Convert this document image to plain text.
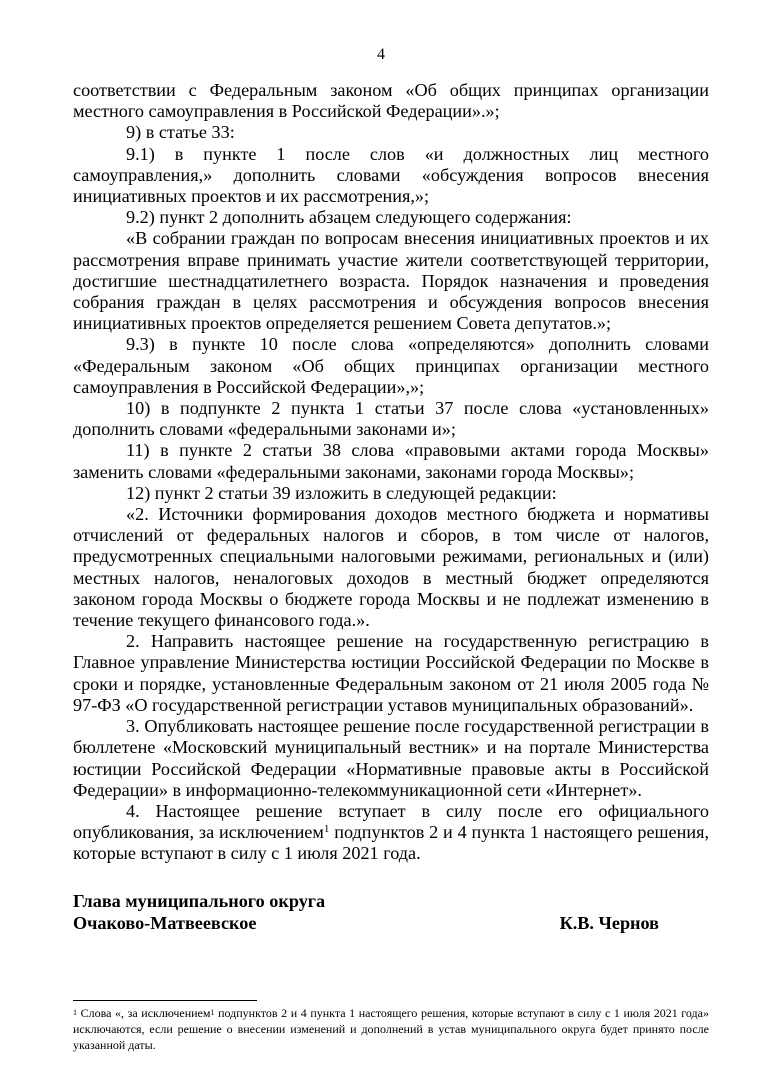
4

соответствии с Федеральным законом «Об общих принципах организации местного самоуправления в Российской Федерации».»;

9) в статье 33:

9.1) в пункте 1 после слов «и должностных лиц местного самоуправления,» дополнить словами «обсуждения вопросов внесения инициативных проектов и их рассмотрения,»;

9.2) пункт 2 дополнить абзацем следующего содержания:

«В собрании граждан по вопросам внесения инициативных проектов и их рассмотрения вправе принимать участие жители соответствующей территории, достигшие шестнадцатилетнего возраста. Порядок назначения и проведения собрания граждан в целях рассмотрения и обсуждения вопросов внесения инициативных проектов определяется решением Совета депутатов.»;

9.3) в пункте 10 после слова «определяются» дополнить словами «Федеральным законом «Об общих принципах организации местного самоуправления в Российской Федерации»,»;

10) в подпункте 2 пункта 1 статьи 37 после слова «установленных» дополнить словами «федеральными законами и»;

11) в пункте 2 статьи 38 слова «правовыми актами города Москвы» заменить словами «федеральными законами, законами города Москвы»;

12) пункт 2 статьи 39 изложить в следующей редакции:

«2. Источники формирования доходов местного бюджета и нормативы отчислений от федеральных налогов и сборов, в том числе от налогов, предусмотренных специальными налоговыми режимами, региональных и (или) местных налогов, неналоговых доходов в местный бюджет определяются законом города Москвы о бюджете города Москвы и не подлежат изменению в течение текущего финансового года.».

2. Направить настоящее решение на государственную регистрацию в Главное управление Министерства юстиции Российской Федерации по Москве в сроки и порядке, установленные Федеральным законом от 21 июля 2005 года № 97-ФЗ «О государственной регистрации уставов муниципальных образований».

3. Опубликовать настоящее решение после государственной регистрации в бюллетене «Московский муниципальный вестник» и на портале Министерства юстиции Российской Федерации «Нормативные правовые акты в Российской Федерации» в информационно-телекоммуникационной сети «Интернет».

4. Настоящее решение вступает в силу после его официального опубликования, за исключением$^1$ подпунктов 2 и 4 пункта 1 настоящего решения, которые вступают в силу с 1 июля 2021 года.

Глава муниципального округа
Очаково-Матвеевское	К.В. Чернов
$^1$ Слова «, за исключением$^1$ подпунктов 2 и 4 пункта 1 настоящего решения, которые вступают в силу с 1 июля 2021 года» исключаются, если решение о внесении изменений и дополнений в устав муниципального округа будет принято после указанной даты.
